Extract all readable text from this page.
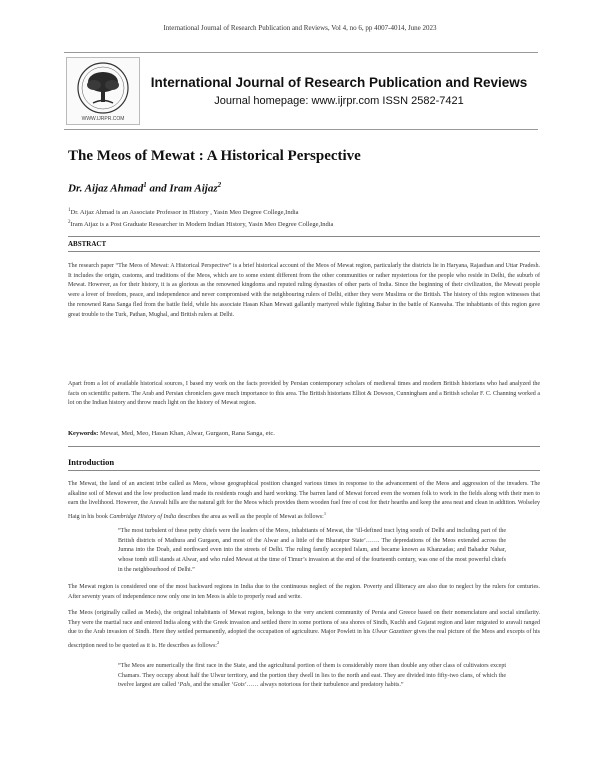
International Journal of Research Publication and Reviews, Vol 4, no 6, pp 4007-4014, June 2023
WWW.IJRPR.COM
International Journal of Research Publication and Reviews
Journal homepage: www.ijrpr.com ISSN 2582-7421
The Meos of Mewat : A Historical Perspective
Dr. Aijaz Ahmad$^1$ and Iram Aijaz$^2$
$^1$Dr. Aijaz Ahmad is an Associate Professor in History , Yasin Meo Degree College,India
$^2$Iram Aijaz is a Post Graduate Researcher in Modern Indian History, Yasin Meo Degree College,India
ABSTRACT
The research paper “The Meos of Mewat: A Historical Perspective” is a brief historical account of the Meos of Mewat region, particularly the districts lie in Haryana, Rajasthan and Uttar Pradesh. It includes the origin, customs, and traditions of the Meos, which are to some extent different from the other communities or rather mysterious for the people who reside in Delhi, the suburb of Mewat. However, as for their history, it is as glorious as the renowned kingdoms and reputed ruling dynasties of other parts of India. Since the beginning of their civilization, the Mewati people were a lover of freedom, peace, and independence and never compromised with the neighbouring rulers of Delhi, either they were Muslims or the British. The history of this region witnesses that the renowned Rana Sanga fled from the battle field, while his associate Hasan Khan Mewati gallantly martyred while fighting Babar in the battle of Kanwaha. The inhabitants of this region gave great trouble to the Turk, Pathan, Mughal, and British rulers at Delhi.
Apart from a lot of available historical sources, I based my work on the facts provided by Persian contemporary scholars of medieval times and modern British historians who had analyzed the facts on scientific pattern. The Arab and Persian chroniclers gave much importance to this area. The British historians Elliot & Dowson, Cunningham and a British scholar F. C. Channing worked a lot on the Indian history and throw much light on the history of Mewat region.
Keywords: Mewat, Med, Meo, Hasan Khan, Alwar, Gurgaon, Rana Sanga, etc.
Introduction
The Mewat, the land of an ancient tribe called as Meos, whose geographical position changed various times in response to the advancement of the Meos and aggression of the invaders. The alkaline soil of Mewat and the low production land made its residents rough and hard working. The barren land of Mewat forced even the women folk to work in the fields along with their men to earn the livelihood. However, the Aravali hills are the natural gift for the Meos which provides them wooden fuel free of cost for their hearths and keep the area neat and clean in addition. Wolseley Haig in his book Cambridge History of India describes the area as well as the people of Mewat as follows:$^1$
“The most turbulent of these petty chiefs were the leaders of the Meos, inhabitants of Mewat, the ‘ill-defined tract lying south of Delhi and including part of the British districts of Mathura and Gurgaon, and most of the Alwar and a little of the Bharatpur State’……. The depredations of the Meos extended across the Jumna into the Doab, and northward even into the streets of Delhi. The ruling family accepted Islam, and became known as Khanzadas; and Bahadur Nahar, whose tomb still stands at Alwar, and who ruled Mewat at the time of Timur’s invasion at the end of the fourteenth century, was one of the most powerful chiefs in the neighbourhood of Delhi.”
The Mewat region is considered one of the most backward regions in India due to the continuous neglect of the region. Poverty and illiteracy are also due to neglect by the rulers for centuries. After seventy years of independence now only one in ten Meos is able to properly read and write.
The Meos (originally called as Meds), the original inhabitants of Mewat region, belongs to the very ancient community of Persia and Greece based on their nomenclature and social similarity. They were the martial race and entered India along with the Greek invasion and settled there in some portions of sea shores of Sindh, Kuchh and Gujarat region and later migrated to aravali ranged due to the Arab invasion of Sindh. Here they settled permanently, adopted the occupation of agriculture. Major Powlett in his Ulwur Gazetteer gives the real picture of the Meos and excepts of his description need to be quoted as it is. He describes as follows:$^2$
“The Meos are numerically the first race in the State, and the agricultural portion of them is considerably more than double any other class of cultivators except Chamars. They occupy about half the Ulwur territory, and the portion they dwell in lies to the north and east. They are divided into fifty-two clans, of which the twelve largest are called ‘Pals, and the smaller ‘Gots’…… always notorious for their turbulence and predatory habits.”
